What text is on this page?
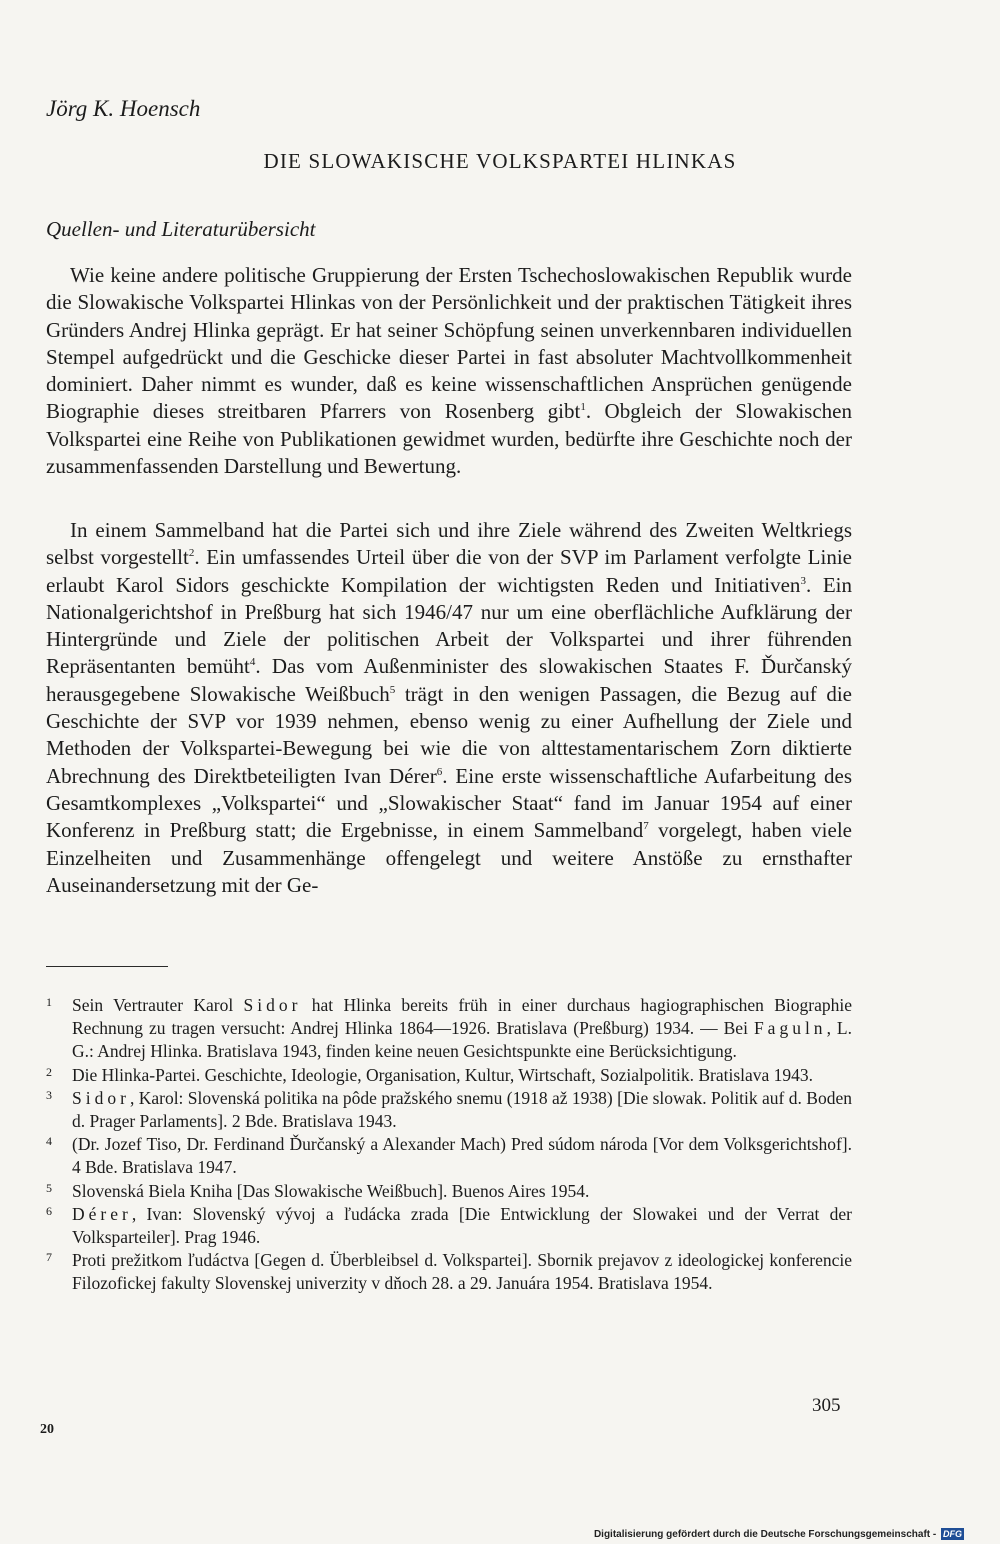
Jörg K. Hoensch
DIE SLOWAKISCHE VOLKSPARTEI HLINKAS
Quellen- und Literaturübersicht

Wie keine andere politische Gruppierung der Ersten Tschechoslowakischen Republik wurde die Slowakische Volkspartei Hlinkas von der Persönlichkeit und der praktischen Tätigkeit ihres Gründers Andrej Hlinka geprägt. Er hat seiner Schöpfung seinen unverkennbaren individuellen Stempel aufgedrückt und die Geschicke dieser Partei in fast absoluter Machtvollkommenheit dominiert. Daher nimmt es wunder, daß es keine wissenschaftlichen Ansprüchen genügende Biographie dieses streitbaren Pfarrers von Rosenberg gibt$^1$. Obgleich der Slowakischen Volkspartei eine Reihe von Publikationen gewidmet wurden, bedürfte ihre Geschichte noch der zusammenfassenden Darstellung und Bewertung.

In einem Sammelband hat die Partei sich und ihre Ziele während des Zweiten Weltkriegs selbst vorgestellt$^2$. Ein umfassendes Urteil über die von der SVP im Parlament verfolgte Linie erlaubt Karol Sidors geschickte Kompilation der wichtigsten Reden und Initiativen$^3$. Ein Nationalgerichtshof in Preßburg hat sich 1946/47 nur um eine oberflächliche Aufklärung der Hintergründe und Ziele der politischen Arbeit der Volkspartei und ihrer führenden Repräsentanten bemüht$^4$. Das vom Außenminister des slowakischen Staates F. Ďurčanský herausgegebene Slowakische Weißbuch$^5$ trägt in den wenigen Passagen, die Bezug auf die Geschichte der SVP vor 1939 nehmen, ebenso wenig zu einer Aufhellung der Ziele und Methoden der Volkspartei-Bewegung bei wie die von alttestamentarischem Zorn diktierte Abrechnung des Direktbeteiligten Ivan Dérer$^6$. Eine erste wissenschaftliche Aufarbeitung des Gesamtkomplexes „Volkspartei“ und „Slowakischer Staat“ fand im Januar 1954 auf einer Konferenz in Preßburg statt; die Ergebnisse, in einem Sammelband$^7$ vorgelegt, haben viele Einzelheiten und Zusammenhänge offengelegt und weitere Anstöße zu ernsthafter Auseinandersetzung mit der Ge-

1 Sein Vertrauter Karol Sidor hat Hlinka bereits früh in einer durchaus hagiographischen Biographie Rechnung zu tragen versucht: Andrej Hlinka 1864—1926. Bratislava (Preßburg) 1934. — Bei Faguln, L. G.: Andrej Hlinka. Bratislava 1943, finden keine neuen Gesichtspunkte eine Berücksichtigung.
2 Die Hlinka-Partei. Geschichte, Ideologie, Organisation, Kultur, Wirtschaft, Sozialpolitik. Bratislava 1943.
3 Sidor, Karol: Slovenská politika na pôde pražského snemu (1918 až 1938) [Die slowak. Politik auf d. Boden d. Prager Parlaments]. 2 Bde. Bratislava 1943.
4 (Dr. Jozef Tiso, Dr. Ferdinand Ďurčanský a Alexander Mach) Pred súdom národa [Vor dem Volksgerichtshof]. 4 Bde. Bratislava 1947.
5 Slovenská Biela Kniha [Das Slowakische Weißbuch]. Buenos Aires 1954.
6 Dérer, Ivan: Slovenský vývoj a ľudácka zrada [Die Entwicklung der Slowakei und der Verrat der Volksparteiler]. Prag 1946.
7 Proti prežitkom ľudáctva [Gegen d. Überbleibsel d. Volkspartei]. Sbornik prejavov z ideologickej konferencie Filozofickej fakulty Slovenskej univerzity v dňoch 28. a 29. Januára 1954. Bratislava 1954.
305
20
Digitalisierung gefördert durch die Deutsche Forschungsgemeinschaft - DFG
